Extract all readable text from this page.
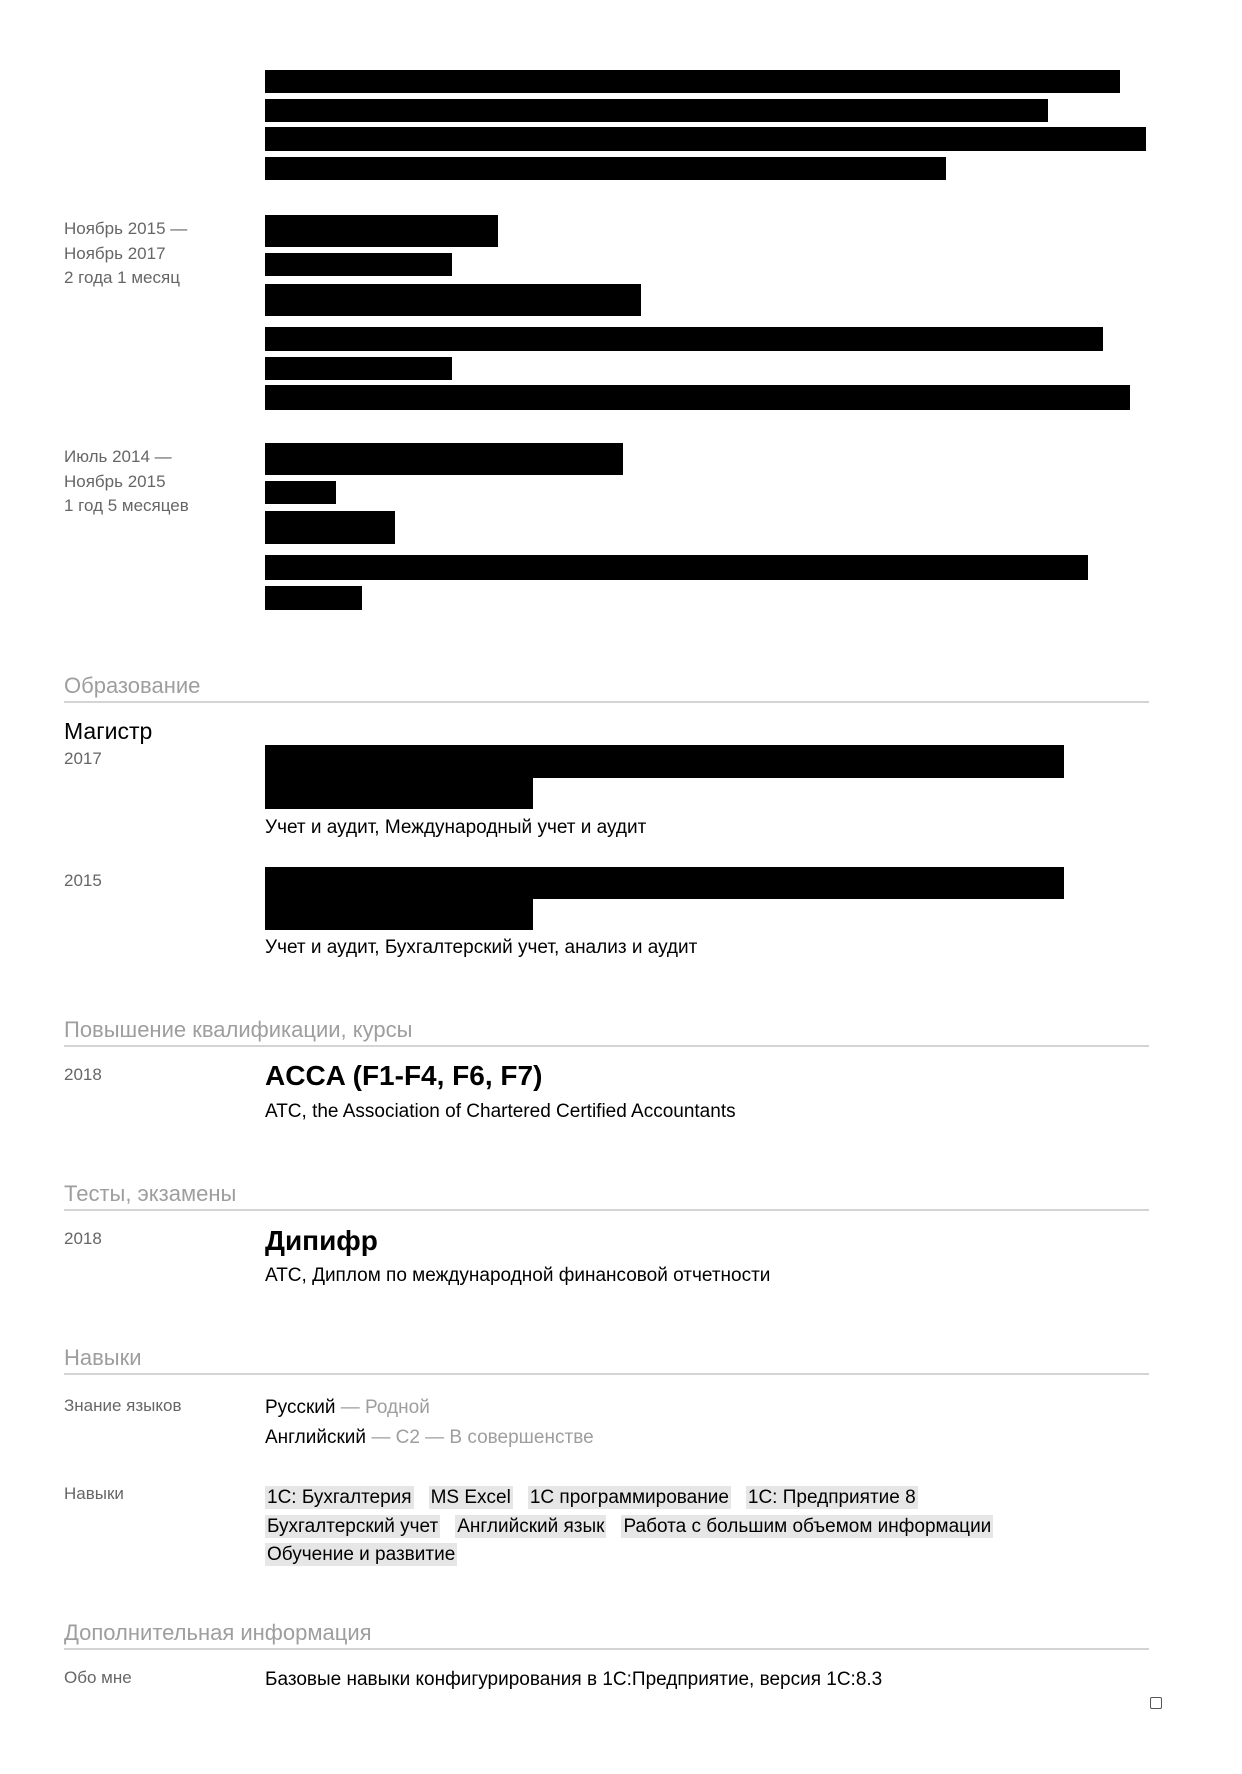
Ноябрь 2015 —
Ноябрь 2017
2 года 1 месяц
Июль 2014 —
Ноябрь 2015
1 год 5 месяцев
Образование
Магистр
2017
Учет и аудит, Международный учет и аудит
2015
Учет и аудит, Бухгалтерский учет, анализ и аудит
Повышение квалификации, курсы
2018	ACCA (F1-F4, F6, F7)
АТС, the Association of Chartered Certified Accountants
Тесты, экзамены
2018	Дипифр
АТС, Диплом по международной финансовой отчетности
Навыки
Знание языков	Русский — Родной
Английский — C2 — В совершенстве
Навыки	1С: Бухгалтерия MS Excel 1С программирование 1С: Предприятие 8
Бухгалтерский учет Английский язык Работа с большим объемом информации
Обучение и развитие
Дополнительная информация
Обо мне	Базовые навыки конфигурирования в 1С:Предприятие, версия 1С:8.3
